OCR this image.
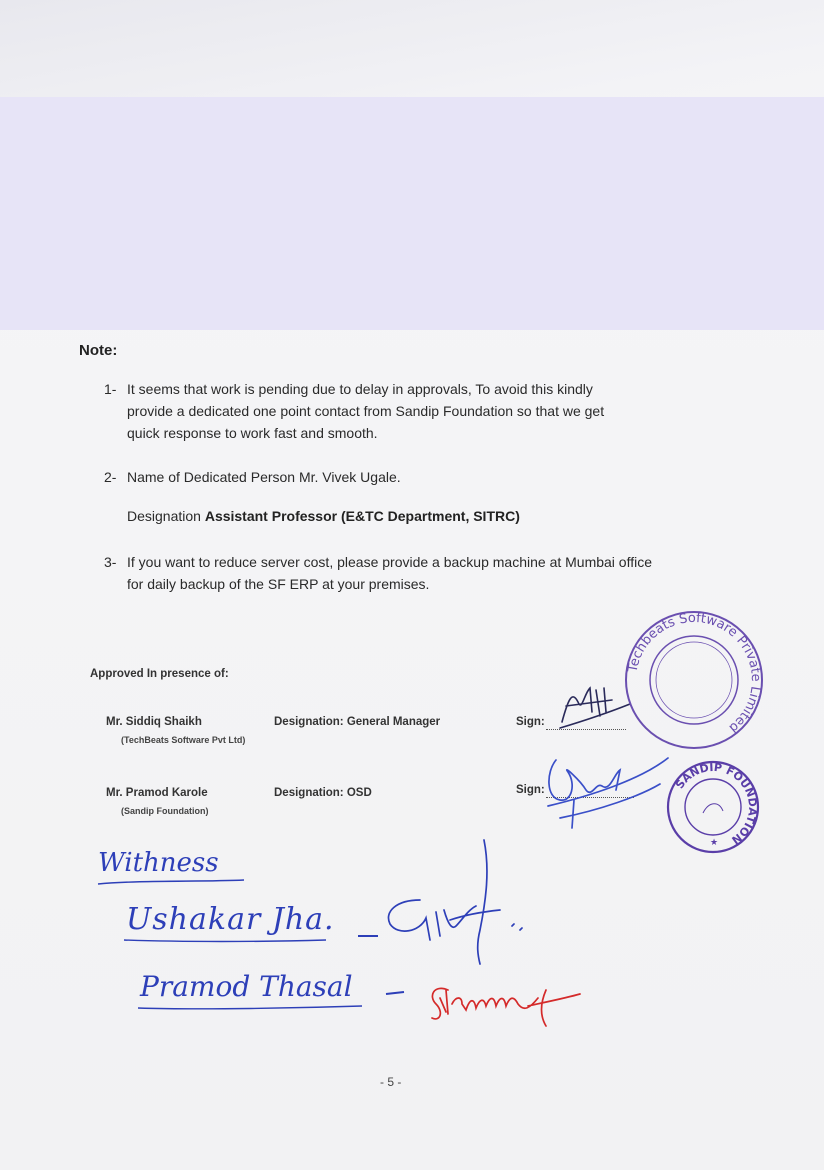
Note:
1- It seems that work is pending due to delay in approvals, To avoid this kindly
provide a dedicated one point contact from Sandip Foundation so that we get
quick response to work fast and smooth.
2- Name of Dedicated Person Mr. Vivek Ugale.
Designation Assistant Professor (E&TC Department, SITRC)
3- If you want to reduce server cost, please provide a backup machine at Mumbai office
for daily backup of the SF ERP at your premises.
Approved In presence of:
Mr. Siddiq Shaikh
(TechBeats Software Pvt Ltd)
Designation: General Manager	Sign:
Mr. Pramod Karole
(Sandip Foundation)
Designation: OSD	Sign:
Techbeats Software Private Limited
SANDIP FOUNDATION
★
Withness
Ushakar Jha.
Pramod Thasal
- 5 -
